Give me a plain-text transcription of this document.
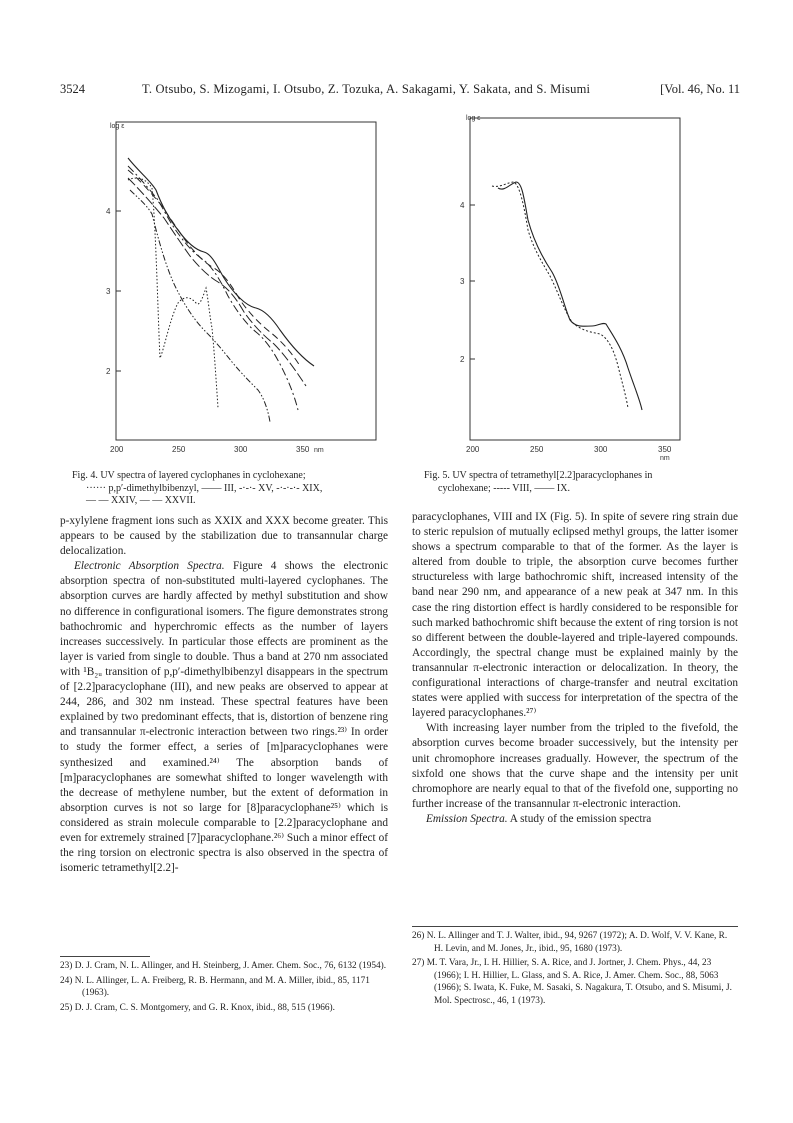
3524	T. Otsubo, S. Mizogami, I. Otsubo, Z. Tozuka, A. Sakagami, Y. Sakata, and S. Misumi	[Vol. 46, No. 11
log ε
4
3
2
200	250	300	350 nm
Fig. 4. UV spectra of layered cyclophanes in cyclohexane;
······ p,p′-dimethylbibenzyl, —— III, -·-·- XV, -·-·-·- XIX,
— — XXIV, — — XXVII.
log ε
4
3
2
200	250	300	350
nm
Fig. 5. UV spectra of tetramethyl[2.2]paracyclophanes in
cyclohexane; ----- VIII, —— IX.

p-xylylene fragment ions such as XXIX and XXX become greater. This appears to be caused by the stabilization due to transannular charge delocalization.

Electronic Absorption Spectra. Figure 4 shows the electronic absorption spectra of non-substituted multi-layered cyclophanes. The absorption curves are hardly affected by methyl substitution and show no difference in configurational isomers. The figure demonstrates strong bathochromic and hyperchromic effects as the number of layers increases successively. In particular those effects are prominent as the layer is varied from single to double. Thus a band at 270 nm associated with ¹B₂ᵤ transition of p,p′-dimethylbibenzyl disappears in the spectrum of [2.2]paracyclophane (III), and new peaks are observed to appear at 244, 286, and 302 nm instead. These spectral features have been explained by two predominant effects, that is, distortion of benzene ring and transannular π-electronic interaction between two rings.²³⁾ In order to study the former effect, a series of [m]paracyclophanes were synthesized and examined.²⁴⁾ The absorption bands of [m]paracyclophanes are somewhat shifted to longer wavelength with the decrease of methylene number, but the extent of deformation in absorption curves is not so large for [8]paracyclophane²⁵⁾ which is considered as strain molecule comparable to [2.2]paracyclophane and even for extremely strained [7]paracyclophane.²⁶⁾ Such a minor effect of the ring torsion on electronic spectra is also observed in the spectra of isomeric tetramethyl[2.2]-

paracyclophanes, VIII and IX (Fig. 5). In spite of severe ring strain due to steric repulsion of mutually eclipsed methyl groups, the latter isomer shows a spectrum comparable to that of the former. As the layer is altered from double to triple, the absorption curve becomes further structureless with large bathochromic shift, increased intensity of the band near 290 nm, and appearance of a new peak at 347 nm. In this case the ring distortion effect is hardly considered to be responsible for such marked bathochromic shift because the extent of ring torsion is not so different between the double-layered and triple-layered compounds. Accordingly, the spectral change must be explained mainly by the transannular π-electronic interaction or delocalization. In theory, the configurational interactions of charge-transfer and neutral excitation states were applied with success for interpretation of the spectra of the layered paracyclophanes.²⁷⁾

With increasing layer number from the tripled to the fivefold, the absorption curves become broader successively, but the intensity per unit chromophore increases gradually. However, the spectrum of the sixfold one shows that the curve shape and the intensity per unit chromophore are nearly equal to that of the fivefold one, supporting no further increase of the transannular π-electronic interaction.

Emission Spectra. A study of the emission spectra

23) D. J. Cram, N. L. Allinger, and H. Steinberg, J. Amer. Chem. Soc., 76, 6132 (1954).
24) N. L. Allinger, L. A. Freiberg, R. B. Hermann, and M. A. Miller, ibid., 85, 1171 (1963).
25) D. J. Cram, C. S. Montgomery, and G. R. Knox, ibid., 88, 515 (1966).
26) N. L. Allinger and T. J. Walter, ibid., 94, 9267 (1972); A. D. Wolf, V. V. Kane, R. H. Levin, and M. Jones, Jr., ibid., 95, 1680 (1973).
27) M. T. Vara, Jr., I. H. Hillier, S. A. Rice, and J. Jortner, J. Chem. Phys., 44, 23 (1966); I. H. Hillier, L. Glass, and S. A. Rice, J. Amer. Chem. Soc., 88, 5063 (1966); S. Iwata, K. Fuke, M. Sasaki, S. Nagakura, T. Otsubo, and S. Misumi, J. Mol. Spectrosc., 46, 1 (1973).
